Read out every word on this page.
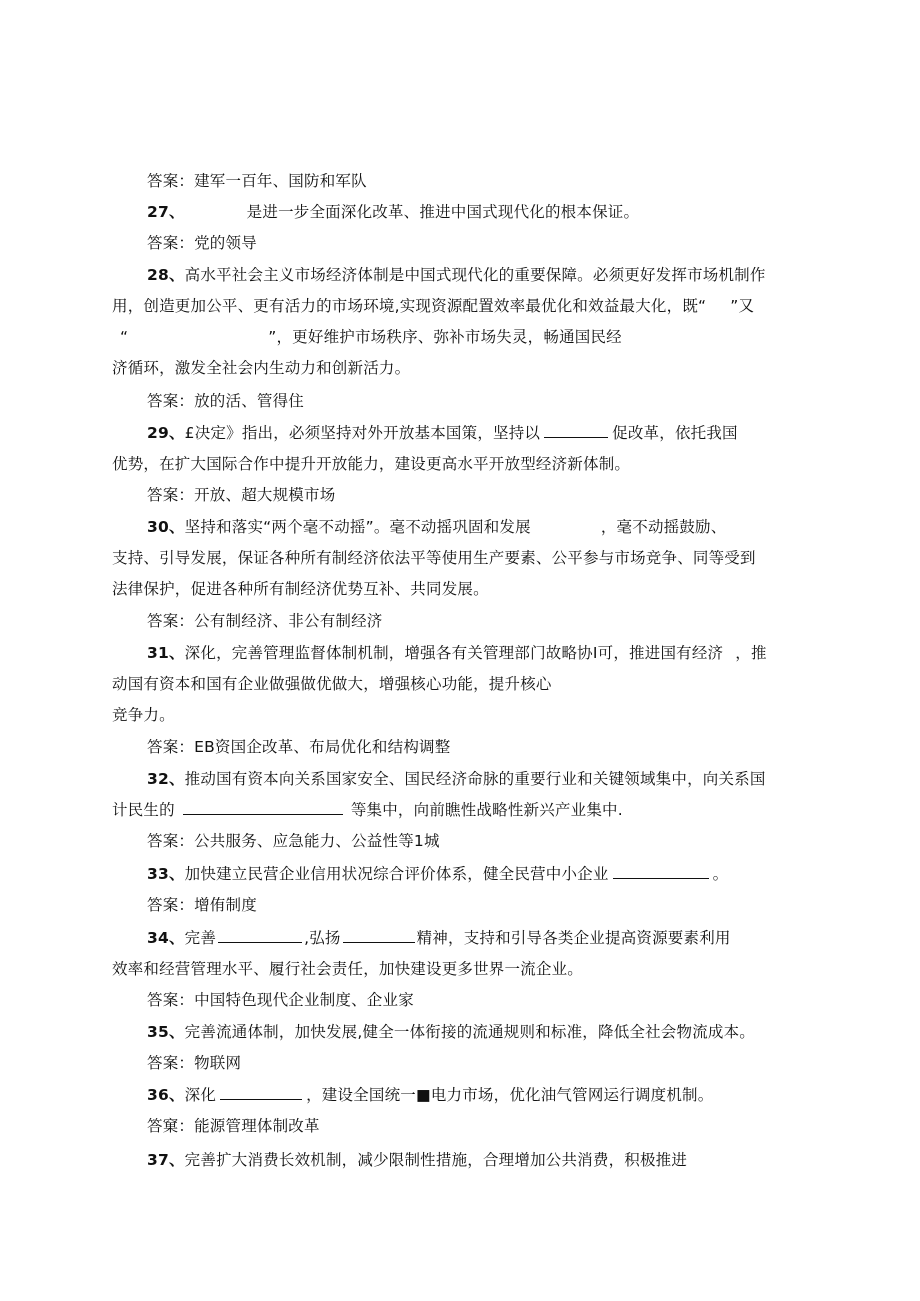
答案：建军一百年、国防和军队
27、	是进一步全面深化改革、推进中国式现代化的根本保证。
答案：党的领导
28、高水平社会主义市场经济体制是中国式现代化的重要保障。必须更好发挥市场机制作
用，创造更加公平、更有活力的市场环境,实现资源配置效率最优化和效益最大化，既“ ”又
“	”，更好维护市场秩序、弥补市场失灵，畅通国民经
济循环，激发全社会内生动力和创新活力。
答案：放的活、管得住
29、£决定》指出，必须坚持对外开放基本国策，坚持以	促改革，依托我国
优势，在扩大国际合作中提升开放能力，建设更高水平开放型经济新体制。
答案：开放、超大规模市场
30、坚持和落实“两个毫不动摇”。毫不动摇巩固和发展	，毫不动摇鼓励、
支持、引导发展，保证各种所有制经济依法平等使用生产要素、公平参与市场竞争、同等受到
法律保护，促进各种所有制经济优势互补、共同发展。
答案：公有制经济、非公有制经济
31、深化，完善管理监督体制机制，增强各有关管理部门故略协I可，推进国有经济 ，推
动国有资本和国有企业做强做优做大，增强核心功能，提升核心
竞争力。
答案：EB资国企改革、布局优化和结构调整
32、推动国有资本向关系国家安全、国民经济命脉的重要行业和关键领域集中，向关系国
计民生的	等集中，向前瞧性战略性新兴产业集中.
答案：公共服务、应急能力、公益性等1城
33、加快建立民营企业信用状况综合评价体系，健全民营中小企业	。
答案：增侑制度
34、完善	,弘扬	精神，支持和引导各类企业提高资源要素利用
效率和经营管理水平、履行社会责任，加快建设更多世界一流企业。
答案：中国特色现代企业制度、企业家
35、完善流通体制，加快发展,健全一体衔接的流通规则和标准，降低全社会物流成本。
答案：物联网
36、深化	，建设全国统一■电力市场，优化油气管网运行调度机制。
答窠：能源管理体制改革
37、完善扩大消费长效机制，减少限制性措施，合理增加公共消费，积极推进
